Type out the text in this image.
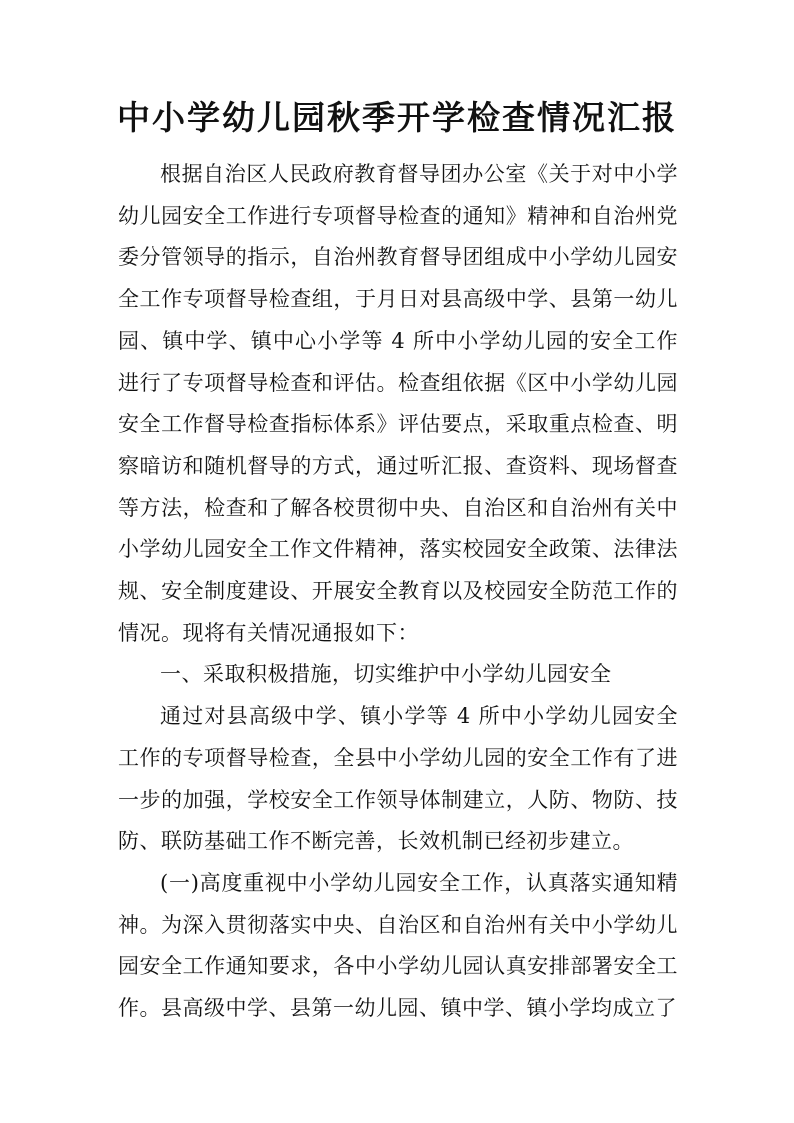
中小学幼儿园秋季开学检查情况汇报

根据自治区人民政府教育督导团办公室《关于对中小学幼儿园安全工作进行专项督导检查的通知》精神和自治州党委分管领导的指示，自治州教育督导团组成中小学幼儿园安全工作专项督导检查组，于月日对县高级中学、县第一幼儿园、镇中学、镇中心小学等 4 所中小学幼儿园的安全工作进行了专项督导检查和评估。检查组依据《区中小学幼儿园安全工作督导检查指标体系》评估要点，采取重点检查、明察暗访和随机督导的方式，通过听汇报、查资料、现场督查等方法，检查和了解各校贯彻中央、自治区和自治州有关中小学幼儿园安全工作文件精神，落实校园安全政策、法律法规、安全制度建设、开展安全教育以及校园安全防范工作的情况。现将有关情况通报如下：

一、采取积极措施，切实维护中小学幼儿园安全

通过对县高级中学、镇小学等 4 所中小学幼儿园安全工作的专项督导检查，全县中小学幼儿园的安全工作有了进一步的加强，学校安全工作领导体制建立，人防、物防、技防、联防基础工作不断完善，长效机制已经初步建立。

(一)高度重视中小学幼儿园安全工作，认真落实通知精神。为深入贯彻落实中央、自治区和自治州有关中小学幼儿园安全工作通知要求，各中小学幼儿园认真安排部署安全工作。县高级中学、县第一幼儿园、镇中学、镇小学均成立了
